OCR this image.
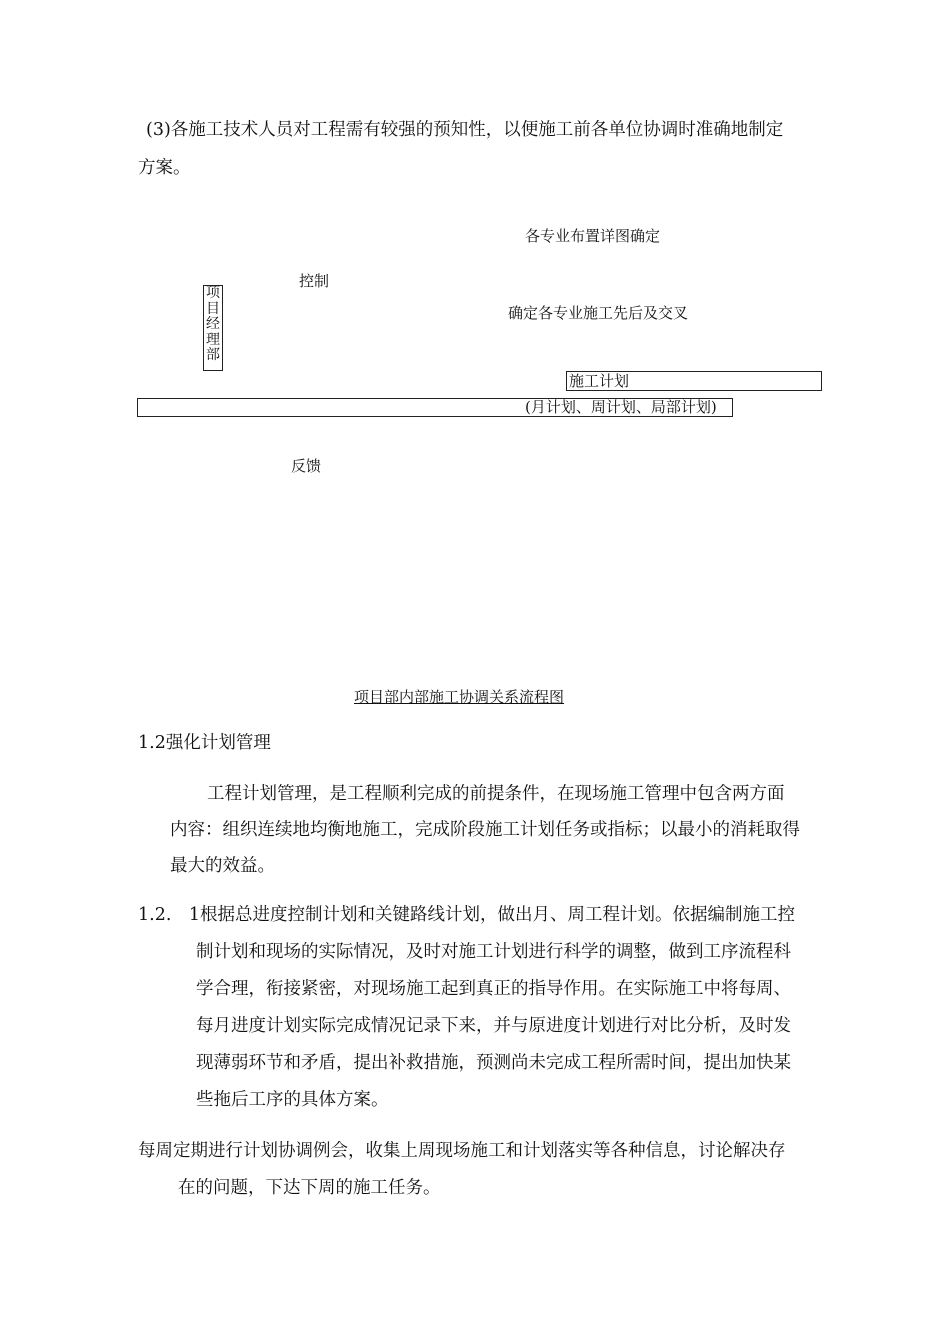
(3)各施工技术人员对工程需有较强的预知性，以便施工前各单位协调时准确地制定
方案。
各专业布置详图确定
控制
项目经理部
确定各专业施工先后及交叉
施工计划
(月计划、周计划、局部计划)
反馈
项目部内部施工协调关系流程图
1.2强化计划管理
工程计划管理，是工程顺利完成的前提条件，在现场施工管理中包含两方面
内容：组织连续地均衡地施工，完成阶段施工计划任务或指标；以最小的消耗取得
最大的效益。
1.2.　1 根据总进度控制计划和关键路线计划，做出月、周工程计划。依据编制施工控
制计划和现场的实际情况，及时对施工计划进行科学的调整，做到工序流程科
学合理，衔接紧密，对现场施工起到真正的指导作用。在实际施工中将每周、
每月进度计划实际完成情况记录下来，并与原进度计划进行对比分析，及时发
现薄弱环节和矛盾，提出补救措施，预测尚未完成工程所需时间，提出加快某
些拖后工序的具体方案。
每周定期进行计划协调例会，收集上周现场施工和计划落实等各种信息，讨论解决存
在的问题，下达下周的施工任务。
